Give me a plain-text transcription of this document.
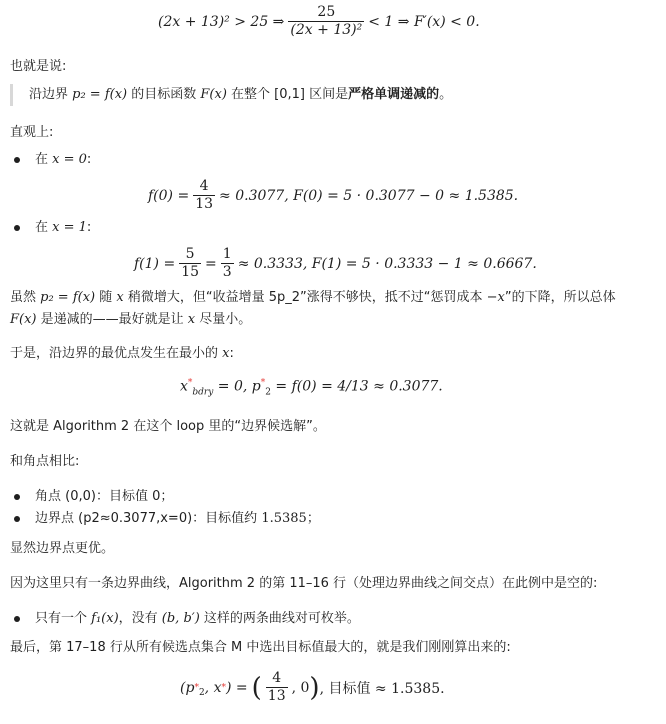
(2x + 13)² > 25 ⇒ $\frac{25}{\text{(2x + 13)²}} < 1$ ⇒ F′(x) < 0.
也就是说:
沿边界 p₂ = f(x) 的目标函数 F(x) 在整个 [0,1] 区间是严格单调递减的。
直观上:
在 x = 0:
$f(0) = \frac{4}{13} \approx 0.3077$, F(0) = 5 · 0.3077 − 0 ≈ 1.5385.
在 x = 1:
$f(1) = \frac{5}{15} = \frac{1}{3} \approx 0.3333$, F(1) = 5 · 0.3333 − 1 ≈ 0.6667.
虽然 p₂ = f(x) 随 x 稍微增大，但“收益增量 5p_2”涨得不够快，抵不过“惩罚成本 −x”的下降，所以总体
F(x) 是递减的——最好就是让 x 尽量小。
于是，沿边界的最优点发生在最小的 x:
$x^*_{bdry} = 0$, $p^*_2 = f(0) = 4/13 \approx 0.3077$.
这就是 Algorithm 2 在这个 loop 里的“边界候选解”。
和角点相比:
角点 (0,0)：目标值 0；
边界点 (p2≈0.3077,x=0)：目标值约 1.5385；
显然边界点更优。
因为这里只有一条边界曲线，Algorithm 2 的第 11–16 行（处理边界曲线之间交点）在此例中是空的:
只有一个 f₁(x)，没有 (b, b′) 这样的两条曲线对可枚举。
最后，第 17–18 行从所有候选点集合 M 中选出目标值最大的，就是我们刚刚算出来的:
(p $*_2$ , x * ) = ( $\frac{4}{13}$ , 0 ) , 目标值 ≈ 1.5385.
